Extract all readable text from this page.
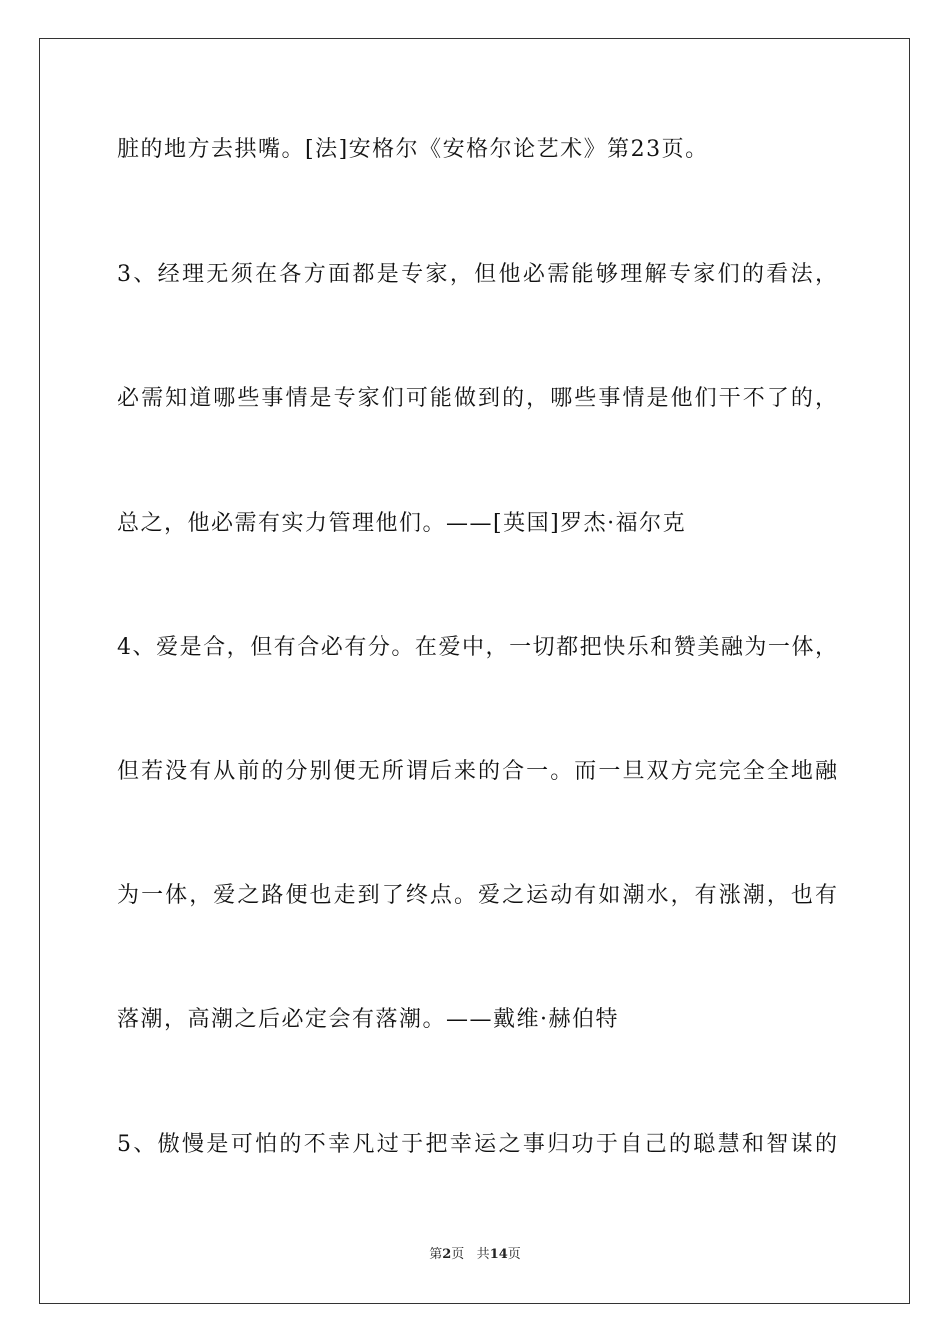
脏的地方去拱嘴。[法]安格尔《安格尔论艺术》第23页。
3、经理无须在各方面都是专家，但他必需能够理解专家们的看法，
必需知道哪些事情是专家们可能做到的，哪些事情是他们干不了的，
总之，他必需有实力管理他们。——[英国]罗杰·福尔克
4、爱是合，但有合必有分。在爱中，一切都把快乐和赞美融为一体，
但若没有从前的分别便无所谓后来的合一。而一旦双方完完全全地融
为一体，爱之路便也走到了终点。爱之运动有如潮水，有涨潮，也有
落潮，高潮之后必定会有落潮。——戴维·赫伯特
5、傲慢是可怕的不幸凡过于把幸运之事归功于自己的聪慧和智谋的
第2页 共14页
